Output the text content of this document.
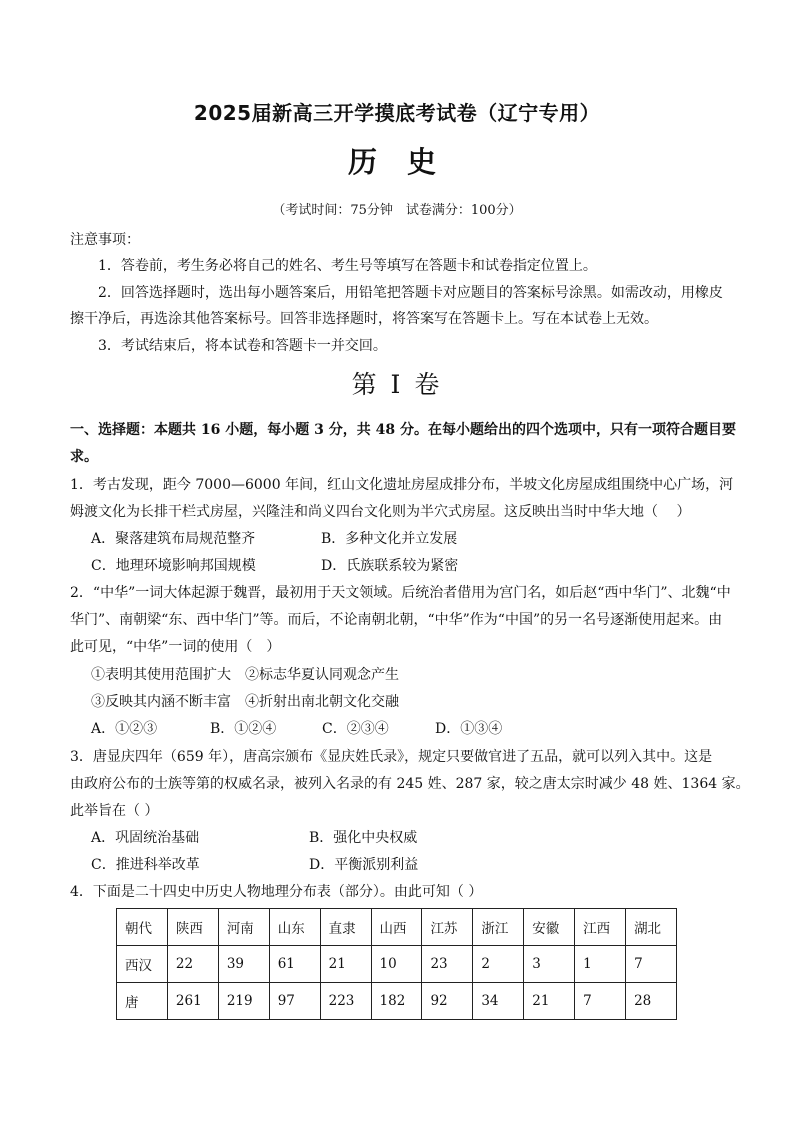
2025届新高三开学摸底考试卷（辽宁专用）
历 史
（考试时间：75分钟　试卷满分：100分）
注意事项：
1．答卷前，考生务必将自己的姓名、考生号等填写在答题卡和试卷指定位置上。
2．回答选择题时，选出每小题答案后，用铅笔把答题卡对应题目的答案标号涂黑。如需改动，用橡皮
擦干净后，再选涂其他答案标号。回答非选择题时，将答案写在答题卡上。写在本试卷上无效。
3．考试结束后，将本试卷和答题卡一并交回。
第 I 卷
一、选择题：本题共 16 小题，每小题 3 分，共 48 分。在每小题给出的四个选项中，只有一项符合题目要
求。
1．考古发现，距今 7000—6000 年间，红山文化遗址房屋成排分布，半坡文化房屋成组围绕中心广场，河
姆渡文化为长排干栏式房屋，兴隆洼和尚义四台文化则为半穴式房屋。这反映出当时中华大地（　 ）
A．聚落建筑布局规范整齐	B．多种文化并立发展
C．地理环境影响邦国规模	D．氏族联系较为紧密
2．“中华”一词大体起源于魏晋，最初用于天文领域。后统治者借用为宫门名，如后赵“西中华门”、北魏“中
华门”、南朝梁“东、西中华门”等。而后，不论南朝北朝，“中华”作为“中国”的另一名号逐渐使用起来。由
此可见，“中华”一词的使用（　）
①表明其使用范围扩大　②标志华夏认同观念产生
③反映其内涵不断丰富　④折射出南北朝文化交融
A．①②③	B．①②④	C．②③④	D．①③④
3．唐显庆四年（659 年），唐高宗颁布《显庆姓氏录》，规定只要做官进了五品，就可以列入其中。这是
由政府公布的士族等第的权威名录，被列入名录的有 245 姓、287 家，较之唐太宗时减少 48 姓、1364 家。
此举旨在（ ）
A．巩固统治基础	B．强化中央权威
C．推进科举改革	D．平衡派别利益
4．下面是二十四史中历史人物地理分布表（部分）。由此可知（ ）
朝代	陕西	河南	山东	直隶	山西	江苏	浙江	安徽	江西	湖北
西汉	22	39	61	21	10	23	2	3	1	7
唐	261	219	97	223	182	92	34	21	7	28
